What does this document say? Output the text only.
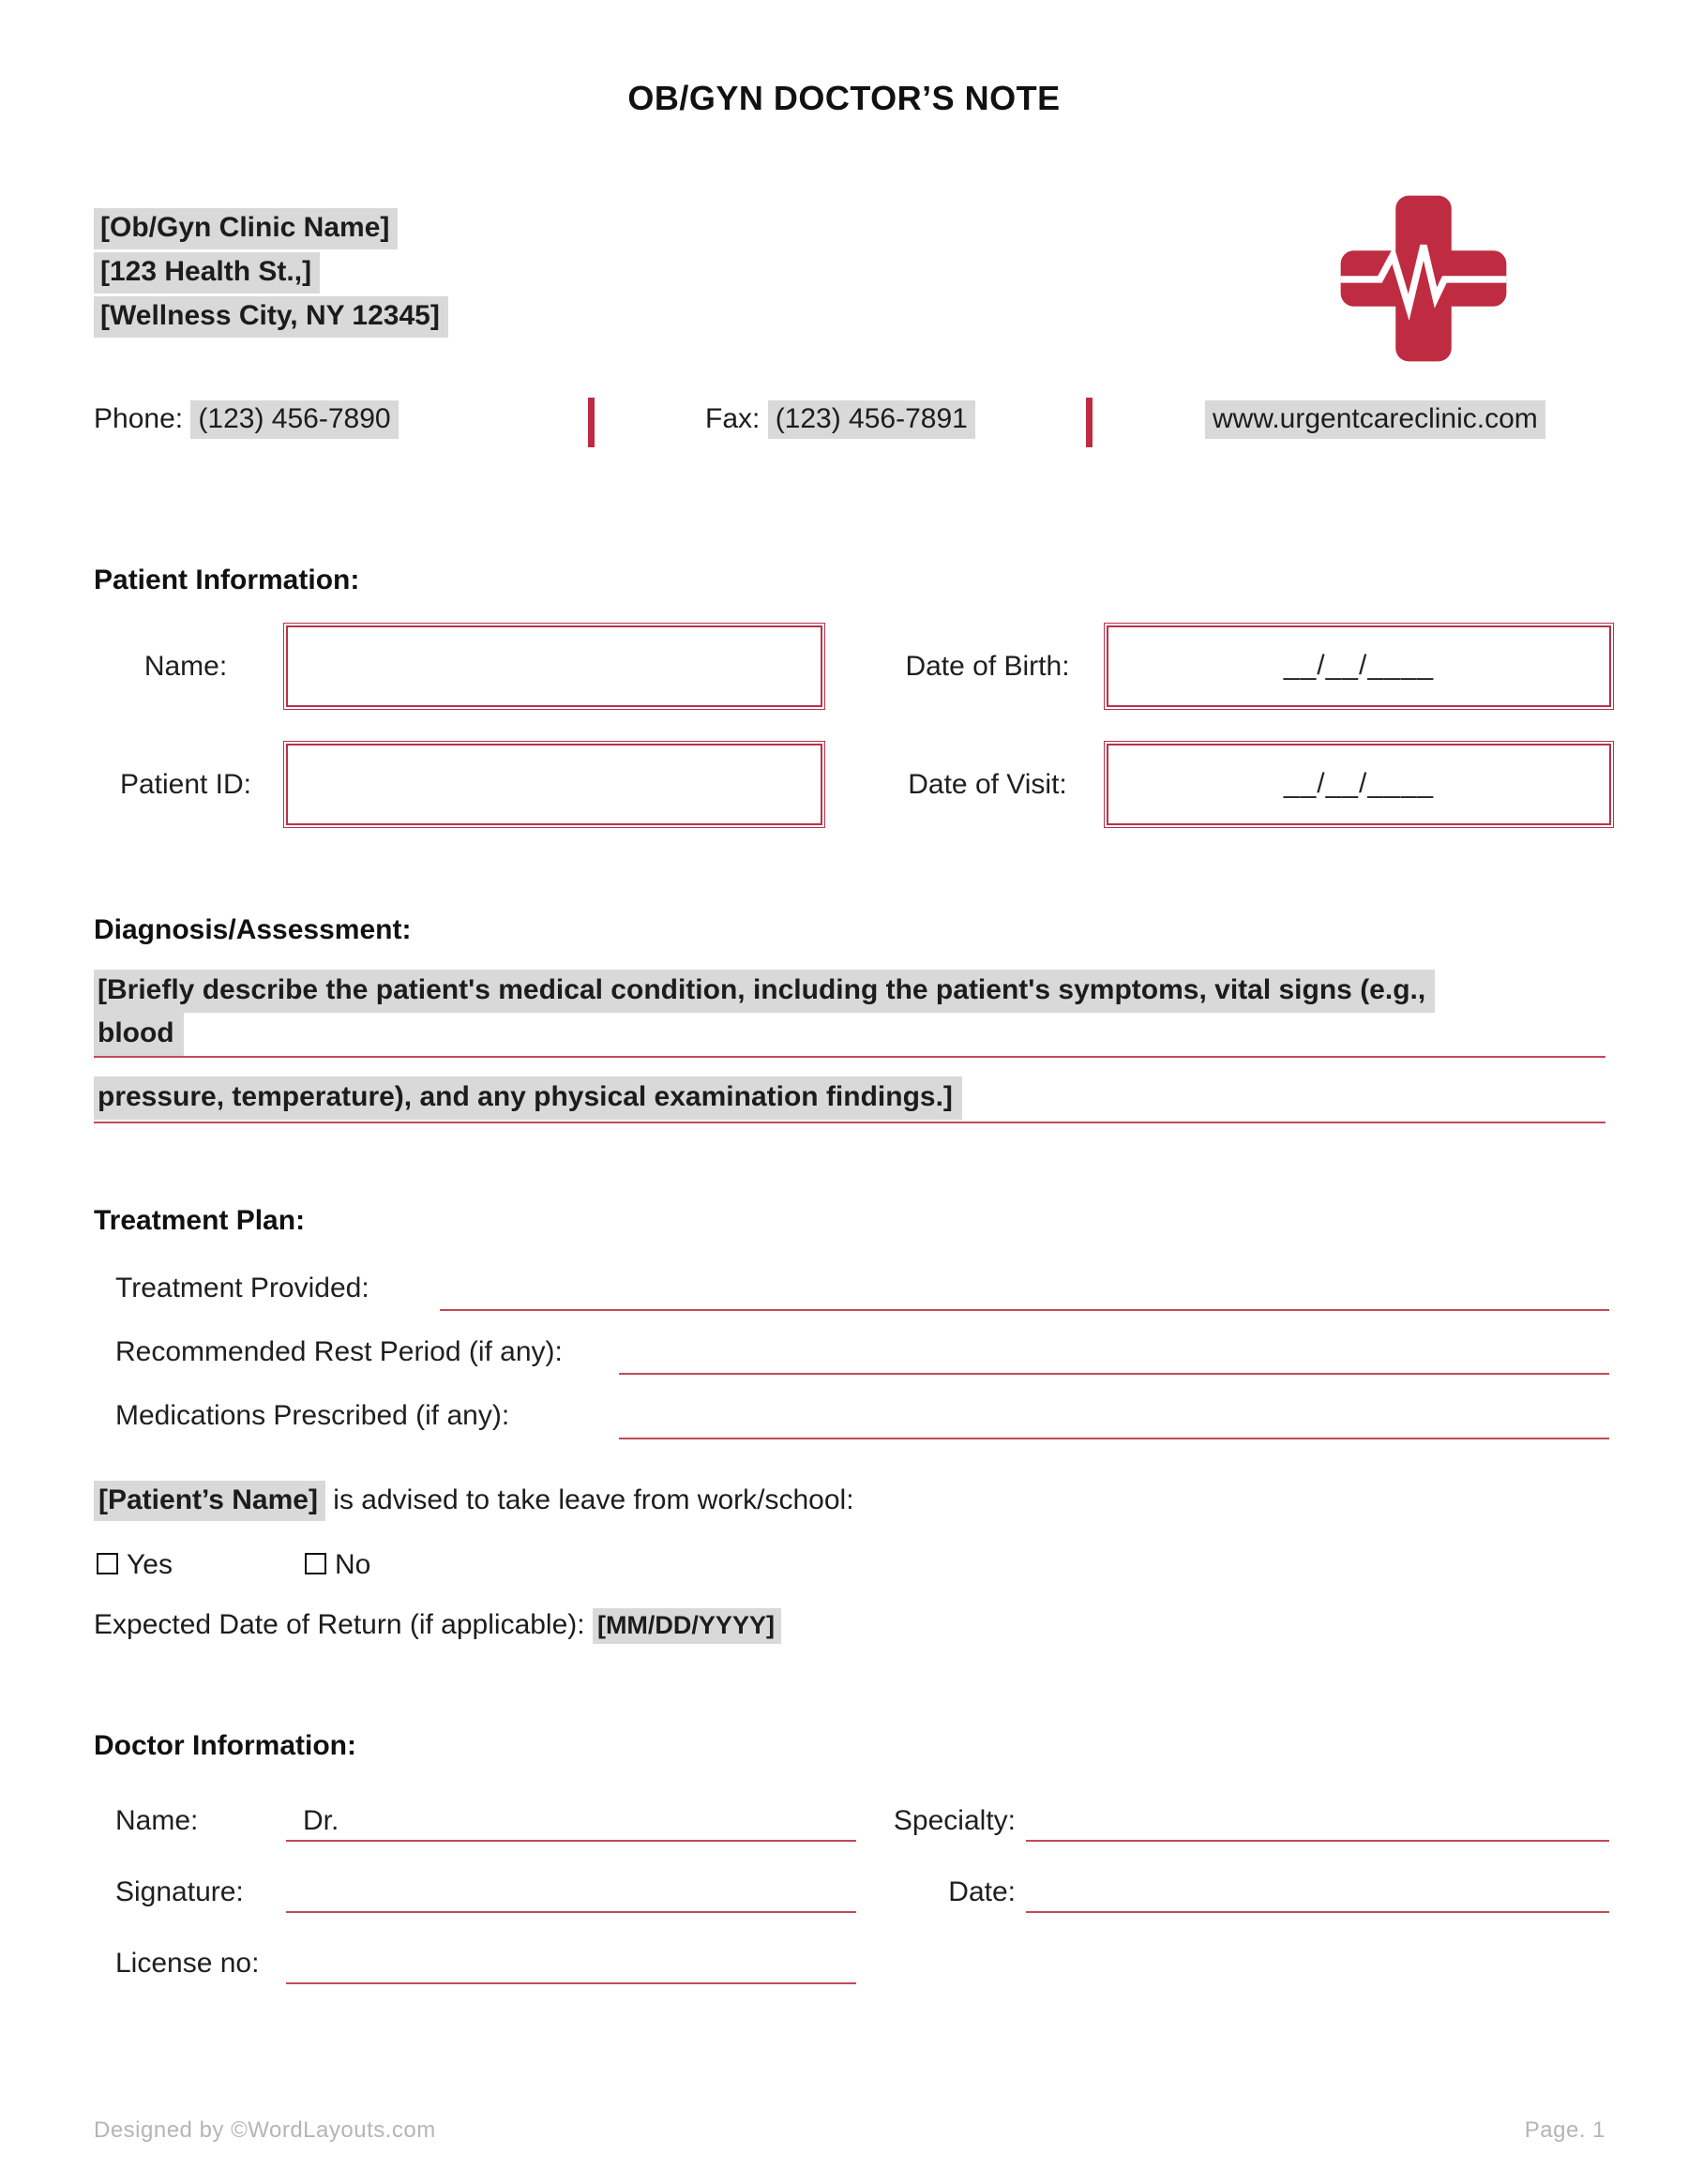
OB/GYN DOCTOR’S NOTE
[Ob/Gyn Clinic Name]
[123 Health St.,]
[Wellness City, NY 12345]
Phone: (123) 456-7890	Fax: (123) 456-7891	www.urgentcareclinic.com
Patient Information:
Name:	Date of Birth:	__/__/____
Patient ID:	Date of Visit:	__/__/____
Diagnosis/Assessment:
[Briefly describe the patient's medical condition, including the patient's symptoms, vital signs (e.g.,
blood
pressure, temperature), and any physical examination findings.]
Treatment Plan:
Treatment Provided:
Recommended Rest Period (if any):
Medications Prescribed (if any):
[Patient’s Name] is advised to take leave from work/school:
Yes	No
Expected Date of Return (if applicable): [MM/DD/YYYY]
Doctor Information:
Name:	Dr.	Specialty:
Signature:	Date:
License no:
Designed by ©WordLayouts.com	Page. 1
